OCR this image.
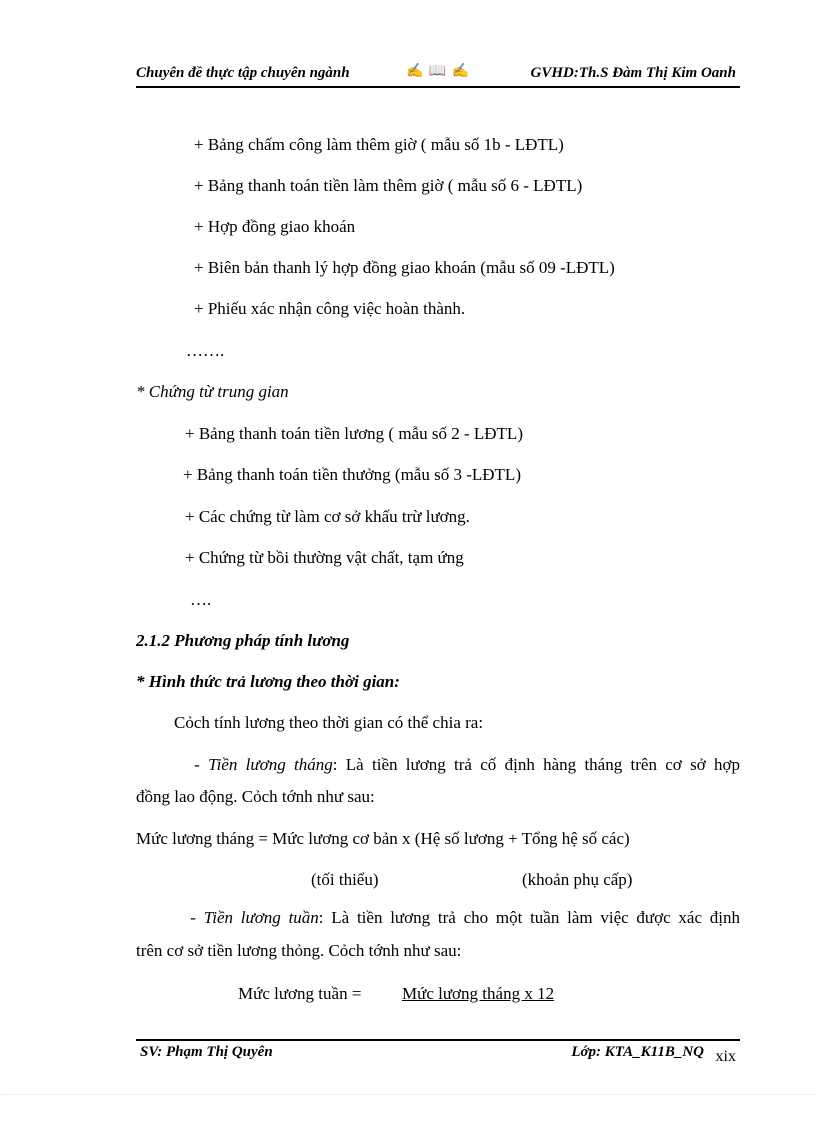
Chuyên đề thực tập chuyên ngành	✍ 📖 ✍	GVHD:Th.S Đàm Thị Kim Oanh
+ Bảng chấm công làm thêm giờ ( mẫu số 1b - LĐTL)
+ Bảng thanh toán tiền làm thêm giờ ( mẫu số 6 - LĐTL)
+ Hợp đồng giao khoán
+ Biên bản thanh lý hợp đồng giao khoán (mẫu số 09 -LĐTL)
+ Phiếu xác nhận công việc hoàn thành.
…….
* Chứng từ trung gian
+ Bảng thanh toán tiền lương ( mẫu số 2 - LĐTL)
+ Bảng thanh toán tiền thưởng (mẫu số 3 -LĐTL)
+ Các chứng từ làm cơ sở khấu trừ lương.
+ Chứng từ bồi thường vật chất, tạm ứng
….
2.1.2 Phương pháp tính lương
* Hình thức trả lương theo thời gian:
Cỏch tính lương theo thời gian có thể chia ra:
- Tiền lương tháng: Là tiền lương trả cố định hàng tháng trên cơ sở hợp
đồng lao động. Cỏch tớnh như sau:
Mức lương tháng = Mức lương cơ bản x (Hệ số lương + Tổng hệ số các)
(tối thiểu)	(khoản phụ cấp)
- Tiền lương tuần: Là tiền lương trả cho một tuần làm việc được xác định
trên cơ sở tiền lương thỏng. Cỏch tớnh như sau:
Mức lương tuần = Mức lương tháng x 12
SV: Phạm Thị Quyên	Lớp: KTA_K11B_NQ xix
